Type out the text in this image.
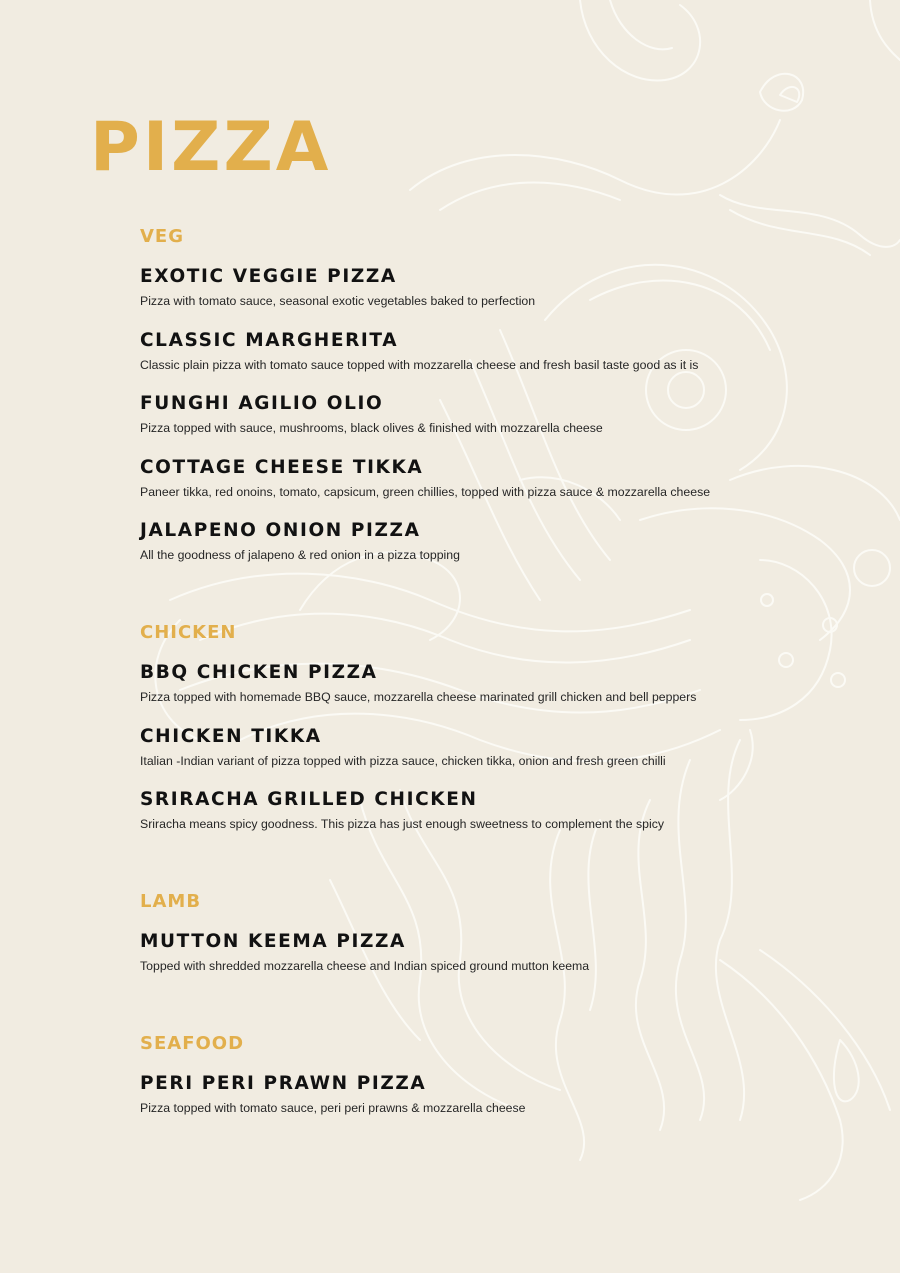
PIZZA
VEG
EXOTIC VEGGIE PIZZA

Pizza with tomato sauce, seasonal exotic vegetables baked to perfection

CLASSIC MARGHERITA

Classic plain pizza with tomato sauce topped with mozzarella cheese and fresh basil taste good as it is

FUNGHI AGILIO OLIO

Pizza topped with sauce, mushrooms, black olives & finished with mozzarella cheese

COTTAGE CHEESE TIKKA

Paneer tikka, red onoins, tomato, capsicum, green chillies, topped with pizza sauce & mozzarella cheese

JALAPENO ONION PIZZA

All the goodness of jalapeno & red onion in a pizza topping

CHICKEN
BBQ CHICKEN PIZZA

Pizza topped with homemade BBQ sauce, mozzarella cheese marinated grill chicken and bell peppers

CHICKEN TIKKA

Italian -Indian variant of pizza topped with pizza sauce, chicken tikka, onion and fresh green chilli

SRIRACHA GRILLED CHICKEN

Sriracha means spicy goodness. This pizza has just enough sweetness to complement the spicy

LAMB
MUTTON KEEMA PIZZA

Topped with shredded mozzarella cheese and Indian spiced ground mutton keema

SEAFOOD
PERI PERI PRAWN PIZZA

Pizza topped with tomato sauce, peri peri prawns & mozzarella cheese
